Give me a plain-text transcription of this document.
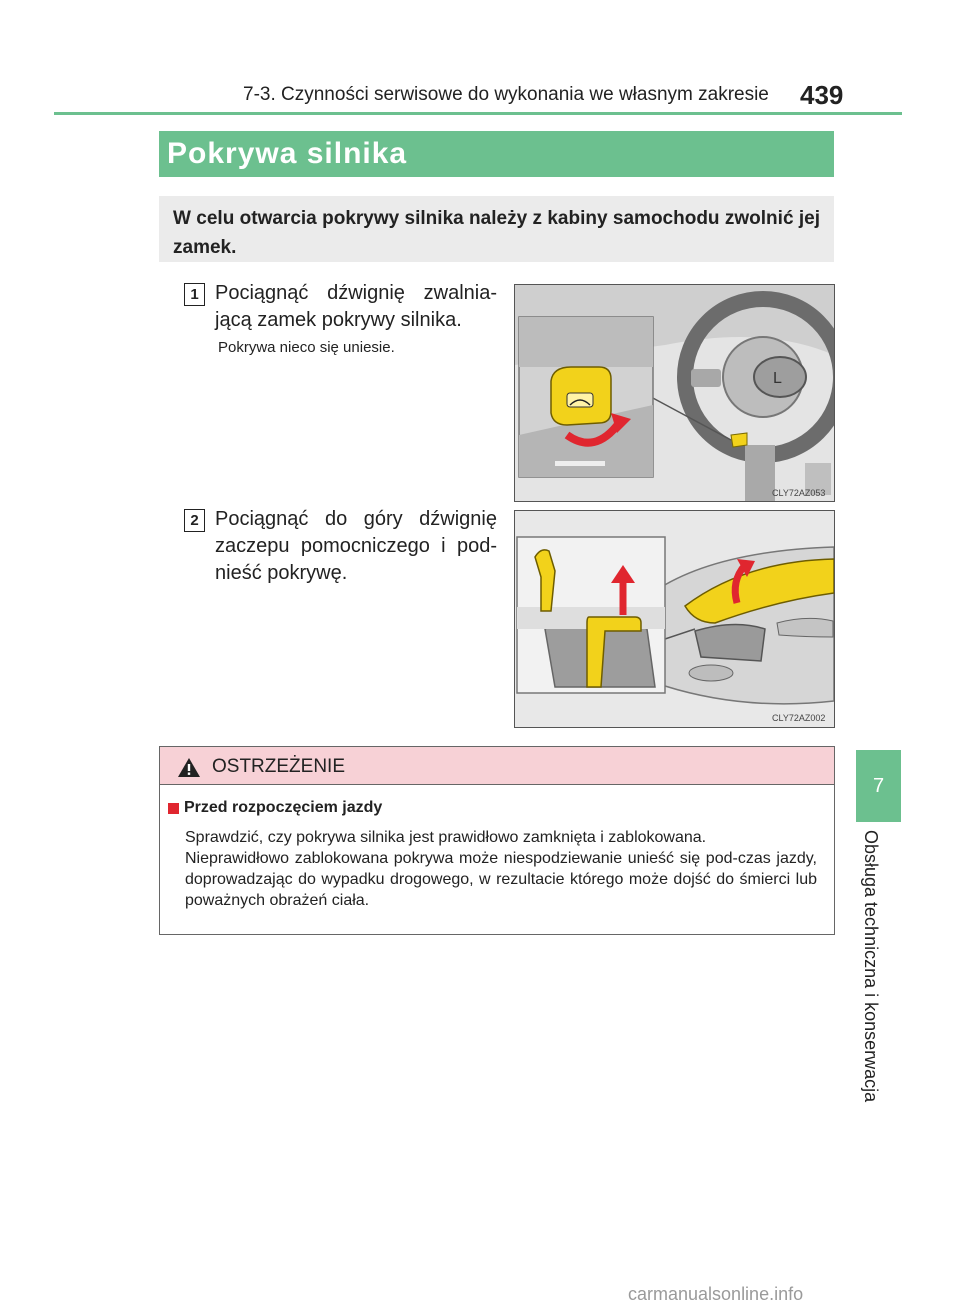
7-3. Czynności serwisowe do wykonania we własnym zakresie 439
7
Obsługa techniczna i konserwacja
Pokrywa silnika

W celu otwarcia pokrywy silnika należy z kabiny samochodu zwolnić jej zamek.

1 Pociągnąć dźwignię zwalnia-jącą zamek pokrywy silnika.
Pokrywa nieco się uniesie.
L
CLY72AZ053
2 Pociągnąć do góry dźwignię zaczepu pomocniczego i pod-nieść pokrywę.
CLY72AZ002
OSTRZEŻENIE
Przed rozpoczęciem jazdy

Sprawdzić, czy pokrywa silnika jest prawidłowo zamknięta i zablokowana.

Nieprawidłowo zablokowana pokrywa może niespodziewanie unieść się pod-czas jazdy, doprowadzając do wypadku drogowego, w rezultacie którego może dojść do śmierci lub poważnych obrażeń ciała.

carmanualsonline.info
